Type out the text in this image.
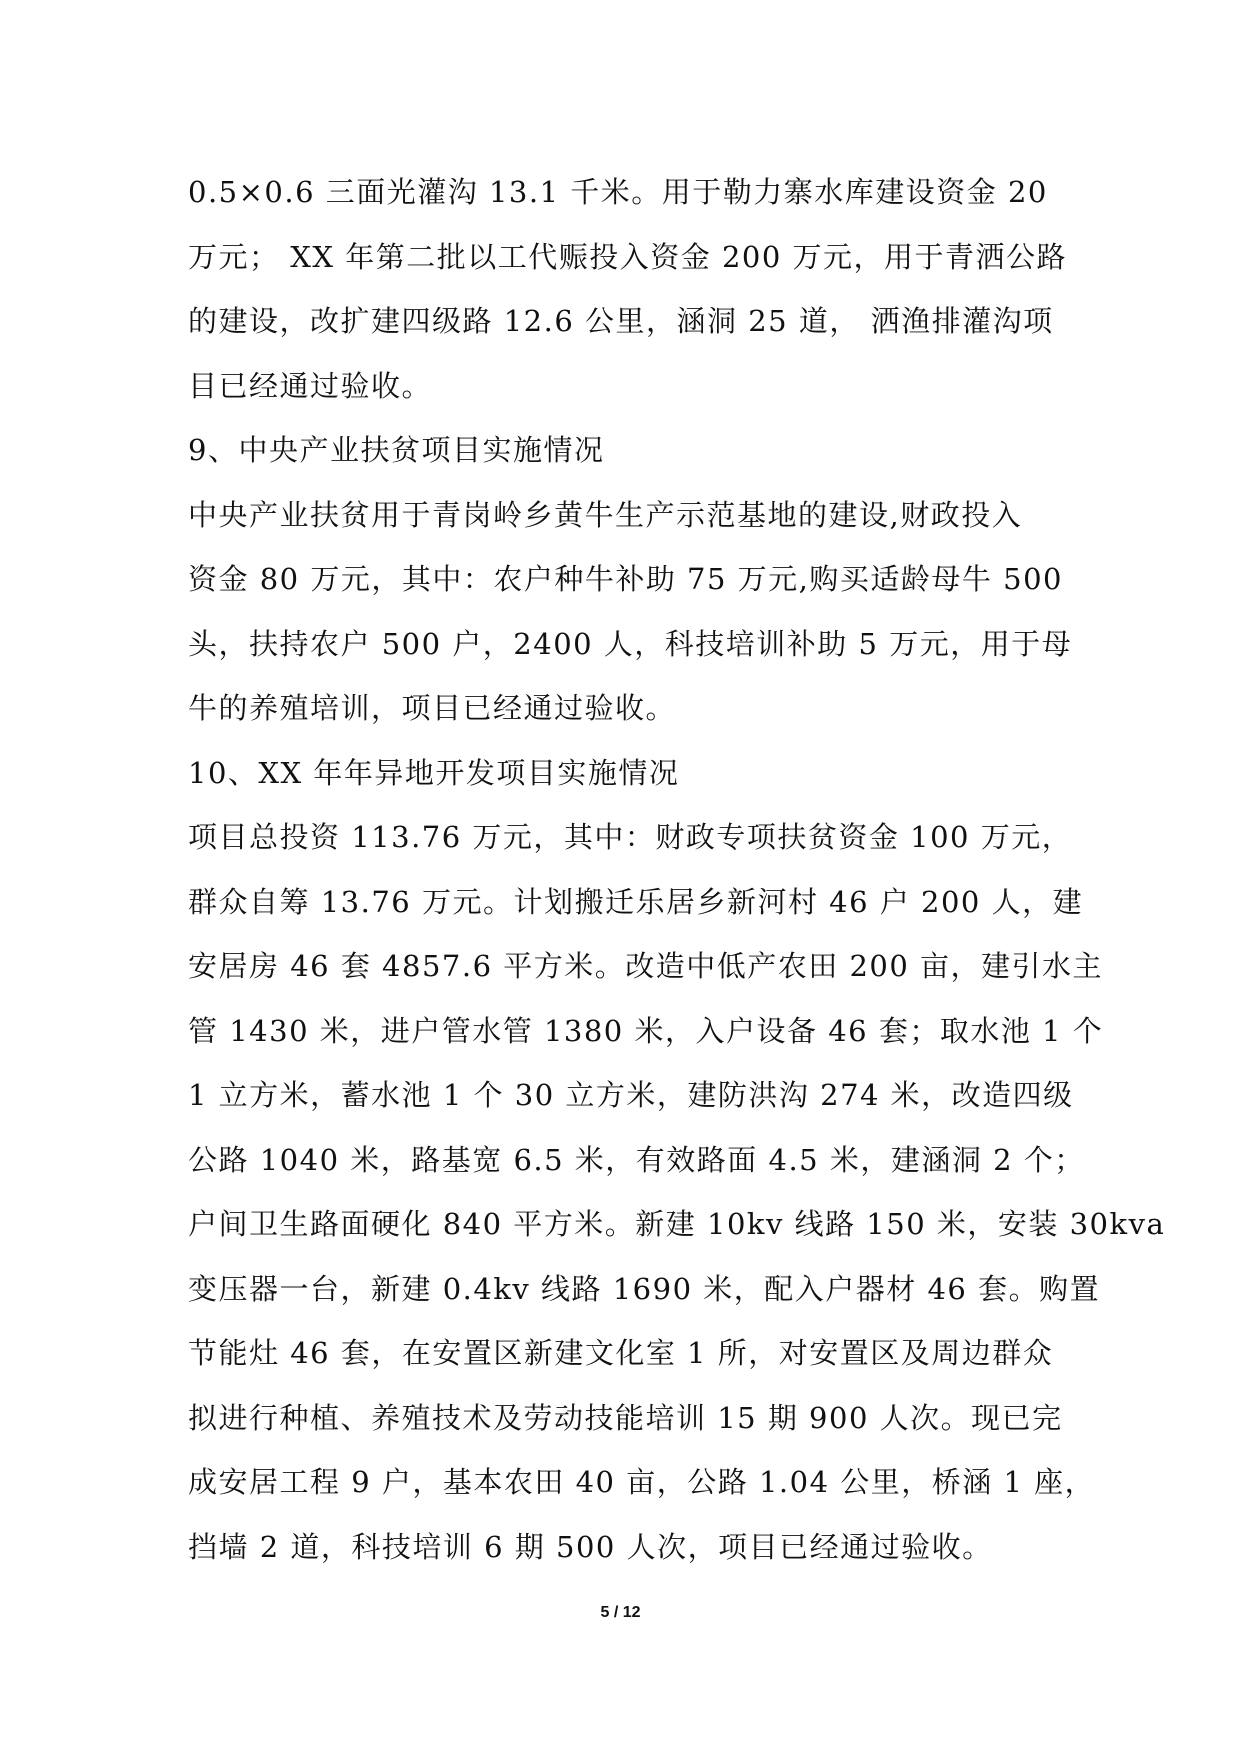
0.5×0.6 三面光灌沟 13.1 千米。用于勒力寨水库建设资金 20
万元； XX 年第二批以工代赈投入资金 200 万元，用于青洒公路
的建设，改扩建四级路 12.6 公里，涵洞 25 道， 洒渔排灌沟项
目已经通过验收。
9、中央产业扶贫项目实施情况
中央产业扶贫用于青岗岭乡黄牛生产示范基地的建设,财政投入
资金 80 万元，其中：农户种牛补助 75 万元,购买适龄母牛 500
头，扶持农户 500 户，2400 人，科技培训补助 5 万元，用于母
牛的养殖培训，项目已经通过验收。
10、XX 年年异地开发项目实施情况
项目总投资 113.76 万元，其中：财政专项扶贫资金 100 万元，
群众自筹 13.76 万元。计划搬迁乐居乡新河村 46 户 200 人，建
安居房 46 套 4857.6 平方米。改造中低产农田 200 亩，建引水主
管 1430 米，进户管水管 1380 米，入户设备 46 套；取水池 1 个
1 立方米，蓄水池 1 个 30 立方米，建防洪沟 274 米，改造四级
公路 1040 米，路基宽 6.5 米，有效路面 4.5 米，建涵洞 2 个；
户间卫生路面硬化 840 平方米。新建 10kv 线路 150 米，安装 30kva
变压器一台，新建 0.4kv 线路 1690 米，配入户器材 46 套。购置
节能灶 46 套，在安置区新建文化室 1 所，对安置区及周边群众
拟进行种植、养殖技术及劳动技能培训 15 期 900 人次。现已完
成安居工程 9 户，基本农田 40 亩，公路 1.04 公里，桥涵 1 座，
挡墙 2 道，科技培训 6 期 500 人次，项目已经通过验收。
5 / 12
